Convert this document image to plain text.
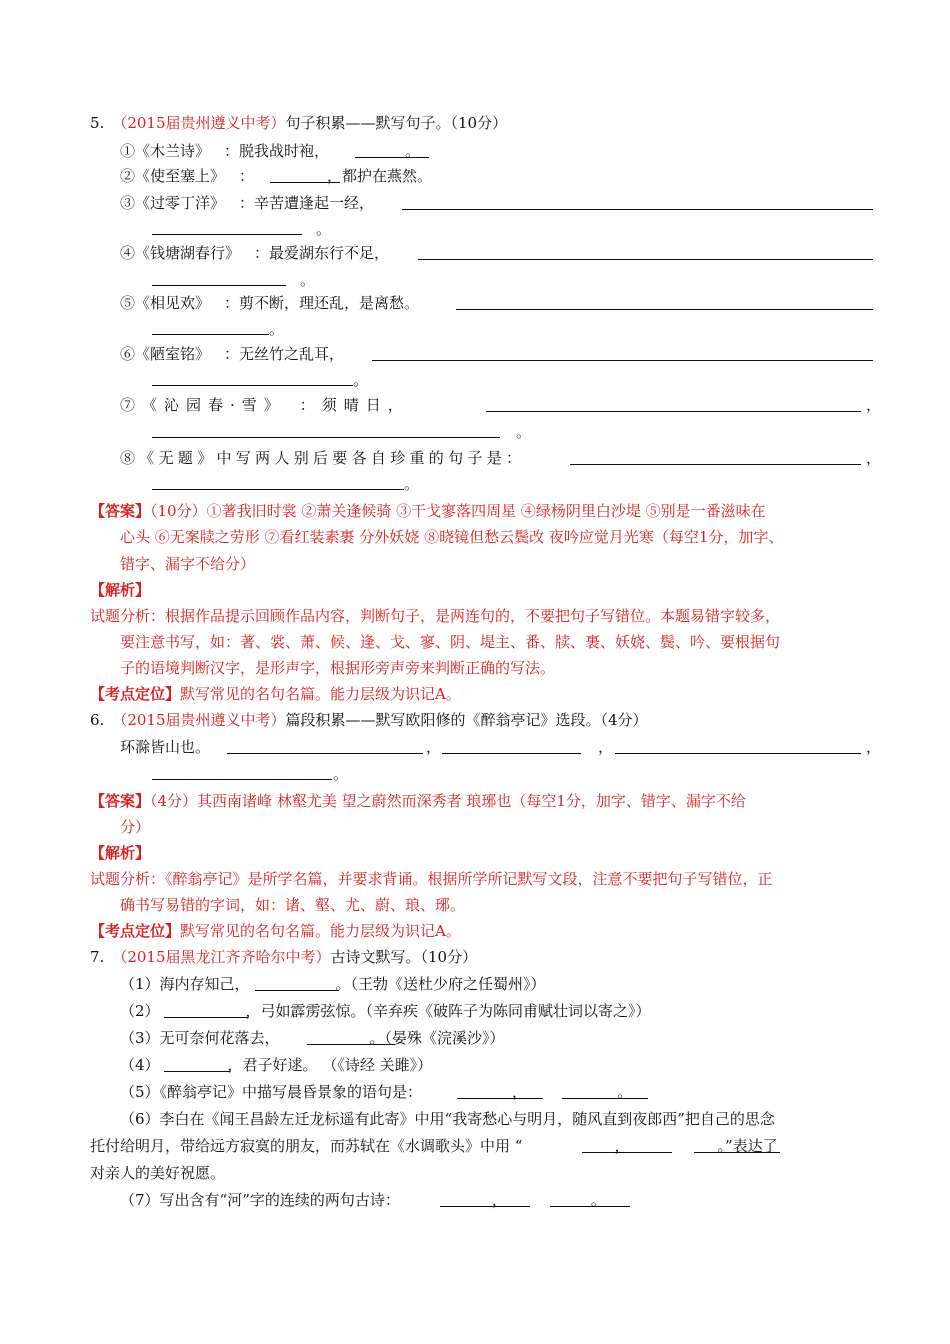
5. （2015届贵州遵义中考）句子积累——默写句子。（10分）
①《木兰诗》 ：脱我战时袍，	。
②《使至塞上》 ：	，都护在燕然。
③《过零丁洋》 ：辛苦遭逢起一经，
。
④《钱塘湖春行》 ：最爱湖东行不足，
。
⑤《相见欢》 ：剪不断，理还乱，是离愁。
。
⑥《陋室铭》 ：无丝竹之乱耳，
。
⑦《沁园春·雪》 ：须晴日，	，
。
⑧《无题》中写两人别后要各自珍重的句子是：	，
。
【答案】（10分）①著我旧时裳 ②萧关逢候骑 ③干戈寥落四周星 ④绿杨阴里白沙堤 ⑤别是一番滋味在
心头 ⑥无案牍之劳形 ⑦看红装素裹 分外妖娆 ⑧晓镜但愁云鬓改 夜吟应觉月光寒（每空1分，加字、
错字、漏字不给分）
【解析】
试题分析：根据作品提示回顾作品内容，判断句子，是两连句的，不要把句子写错位。本题易错字较多，
要注意书写，如：著、裳、萧、候、逢、戈、寥、阴、堤主、番、牍、裹、妖娆、鬓、吟、要根据句
子的语境判断汉字，是形声字，根据形旁声旁来判断正确的写法。
【考点定位】默写常见的名句名篇。能力层级为识记A。
6. （2015届贵州遵义中考）篇段积累——默写欧阳修的《醉翁亭记》选段。（4分）
环滁皆山也。	，	，	，
。
【答案】（4分）其西南诸峰 林壑尤美 望之蔚然而深秀者 琅琊也（每空1分，加字、错字、漏字不给
分）
【解析】
试题分析：《醉翁亭记》是所学名篇，并要求背诵。根据所学所记默写文段，注意不要把句子写错位，正
确书写易错的字词，如：诸、壑、尤、蔚、琅、琊。
【考点定位】默写常见的名句名篇。能力层级为识记A。
7. （2015届黑龙江齐齐哈尔中考）古诗文默写。（10分）
（1）海内存知己，	。（王勃《送杜少府之任蜀州》）
（2）	，弓如霹雳弦惊。（辛弃疾《破阵子为陈同甫赋壮词以寄之》）
（3）无可奈何花落去，	。（晏殊《浣溪沙》）
（4）	，君子好逑。 （《诗经 关雎》）
（5）《醉翁亭记》中描写晨昏景象的语句是：	，	。
（6）李白在《闻王昌龄左迁龙标遥有此寄》中用“我寄愁心与明月，随风直到夜郎西”把自己的思念
托付给明月，带给远方寂寞的朋友，而苏轼在《水调歌头》中用 “	，	。”表达了
对亲人的美好祝愿。
（7）写出含有“河”字的连续的两句古诗：	，	。
